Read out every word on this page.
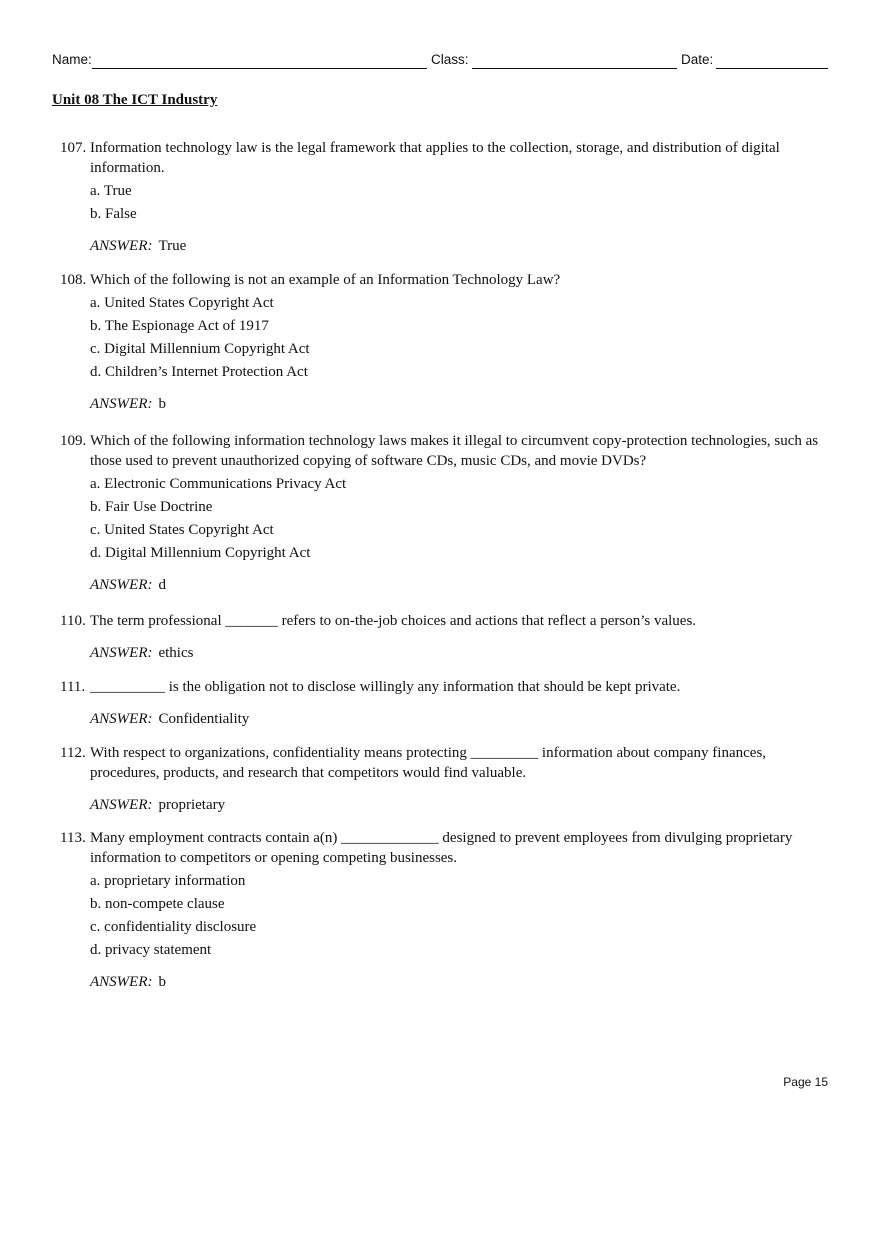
Name:	Class:	Date:
Unit 08 The ICT Industry
107. Information technology law is the legal framework that applies to the collection, storage, and distribution of digital information.
a. True
b. False
ANSWER: True
108. Which of the following is not an example of an Information Technology Law?
a. United States Copyright Act
b. The Espionage Act of 1917
c. Digital Millennium Copyright Act
d. Children’s Internet Protection Act
ANSWER: b
109. Which of the following information technology laws makes it illegal to circumvent copy-protection technologies, such as those used to prevent unauthorized copying of software CDs, music CDs, and movie DVDs?
a. Electronic Communications Privacy Act
b. Fair Use Doctrine
c. United States Copyright Act
d. Digital Millennium Copyright Act
ANSWER: d
110. The term professional _______ refers to on-the-job choices and actions that reflect a person’s values.
ANSWER: ethics
111. __________ is the obligation not to disclose willingly any information that should be kept private.
ANSWER: Confidentiality
112. With respect to organizations, confidentiality means protecting _________ information about company finances, procedures, products, and research that competitors would find valuable.
ANSWER: proprietary
113. Many employment contracts contain a(n) _____________ designed to prevent employees from divulging proprietary information to competitors or opening competing businesses.
a. proprietary information
b. non-compete clause
c. confidentiality disclosure
d. privacy statement
ANSWER: b
Page 15
